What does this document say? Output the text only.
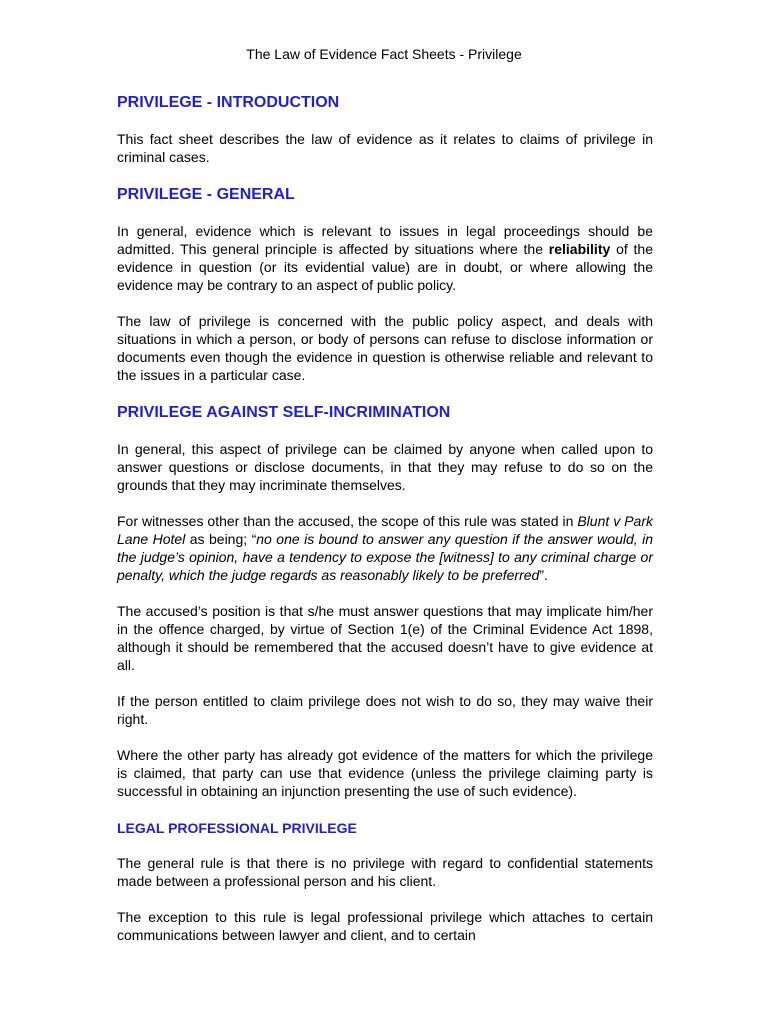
The Law of Evidence Fact Sheets - Privilege
PRIVILEGE - INTRODUCTION

This fact sheet describes the law of evidence as it relates to claims of privilege in criminal cases.

PRIVILEGE - GENERAL

In general, evidence which is relevant to issues in legal proceedings should be admitted. This general principle is affected by situations where the reliability of the evidence in question (or its evidential value) are in doubt, or where allowing the evidence may be contrary to an aspect of public policy.

The law of privilege is concerned with the public policy aspect, and deals with situations in which a person, or body of persons can refuse to disclose information or documents even though the evidence in question is otherwise reliable and relevant to the issues in a particular case.

PRIVILEGE AGAINST SELF-INCRIMINATION

In general, this aspect of privilege can be claimed by anyone when called upon to answer questions or disclose documents, in that they may refuse to do so on the grounds that they may incriminate themselves.

For witnesses other than the accused, the scope of this rule was stated in Blunt v Park Lane Hotel as being; “no one is bound to answer any question if the answer would, in the judge’s opinion, have a tendency to expose the [witness] to any criminal charge or penalty, which the judge regards as reasonably likely to be preferred”.

The accused’s position is that s/he must answer questions that may implicate him/her in the offence charged, by virtue of Section 1(e) of the Criminal Evidence Act 1898, although it should be remembered that the accused doesn’t have to give evidence at all.

If the person entitled to claim privilege does not wish to do so, they may waive their right.

Where the other party has already got evidence of the matters for which the privilege is claimed, that party can use that evidence (unless the privilege claiming party is successful in obtaining an injunction presenting the use of such evidence).

LEGAL PROFESSIONAL PRIVILEGE

The general rule is that there is no privilege with regard to confidential statements made between a professional person and his client.

The exception to this rule is legal professional privilege which attaches to certain communications between lawyer and client, and to certain
